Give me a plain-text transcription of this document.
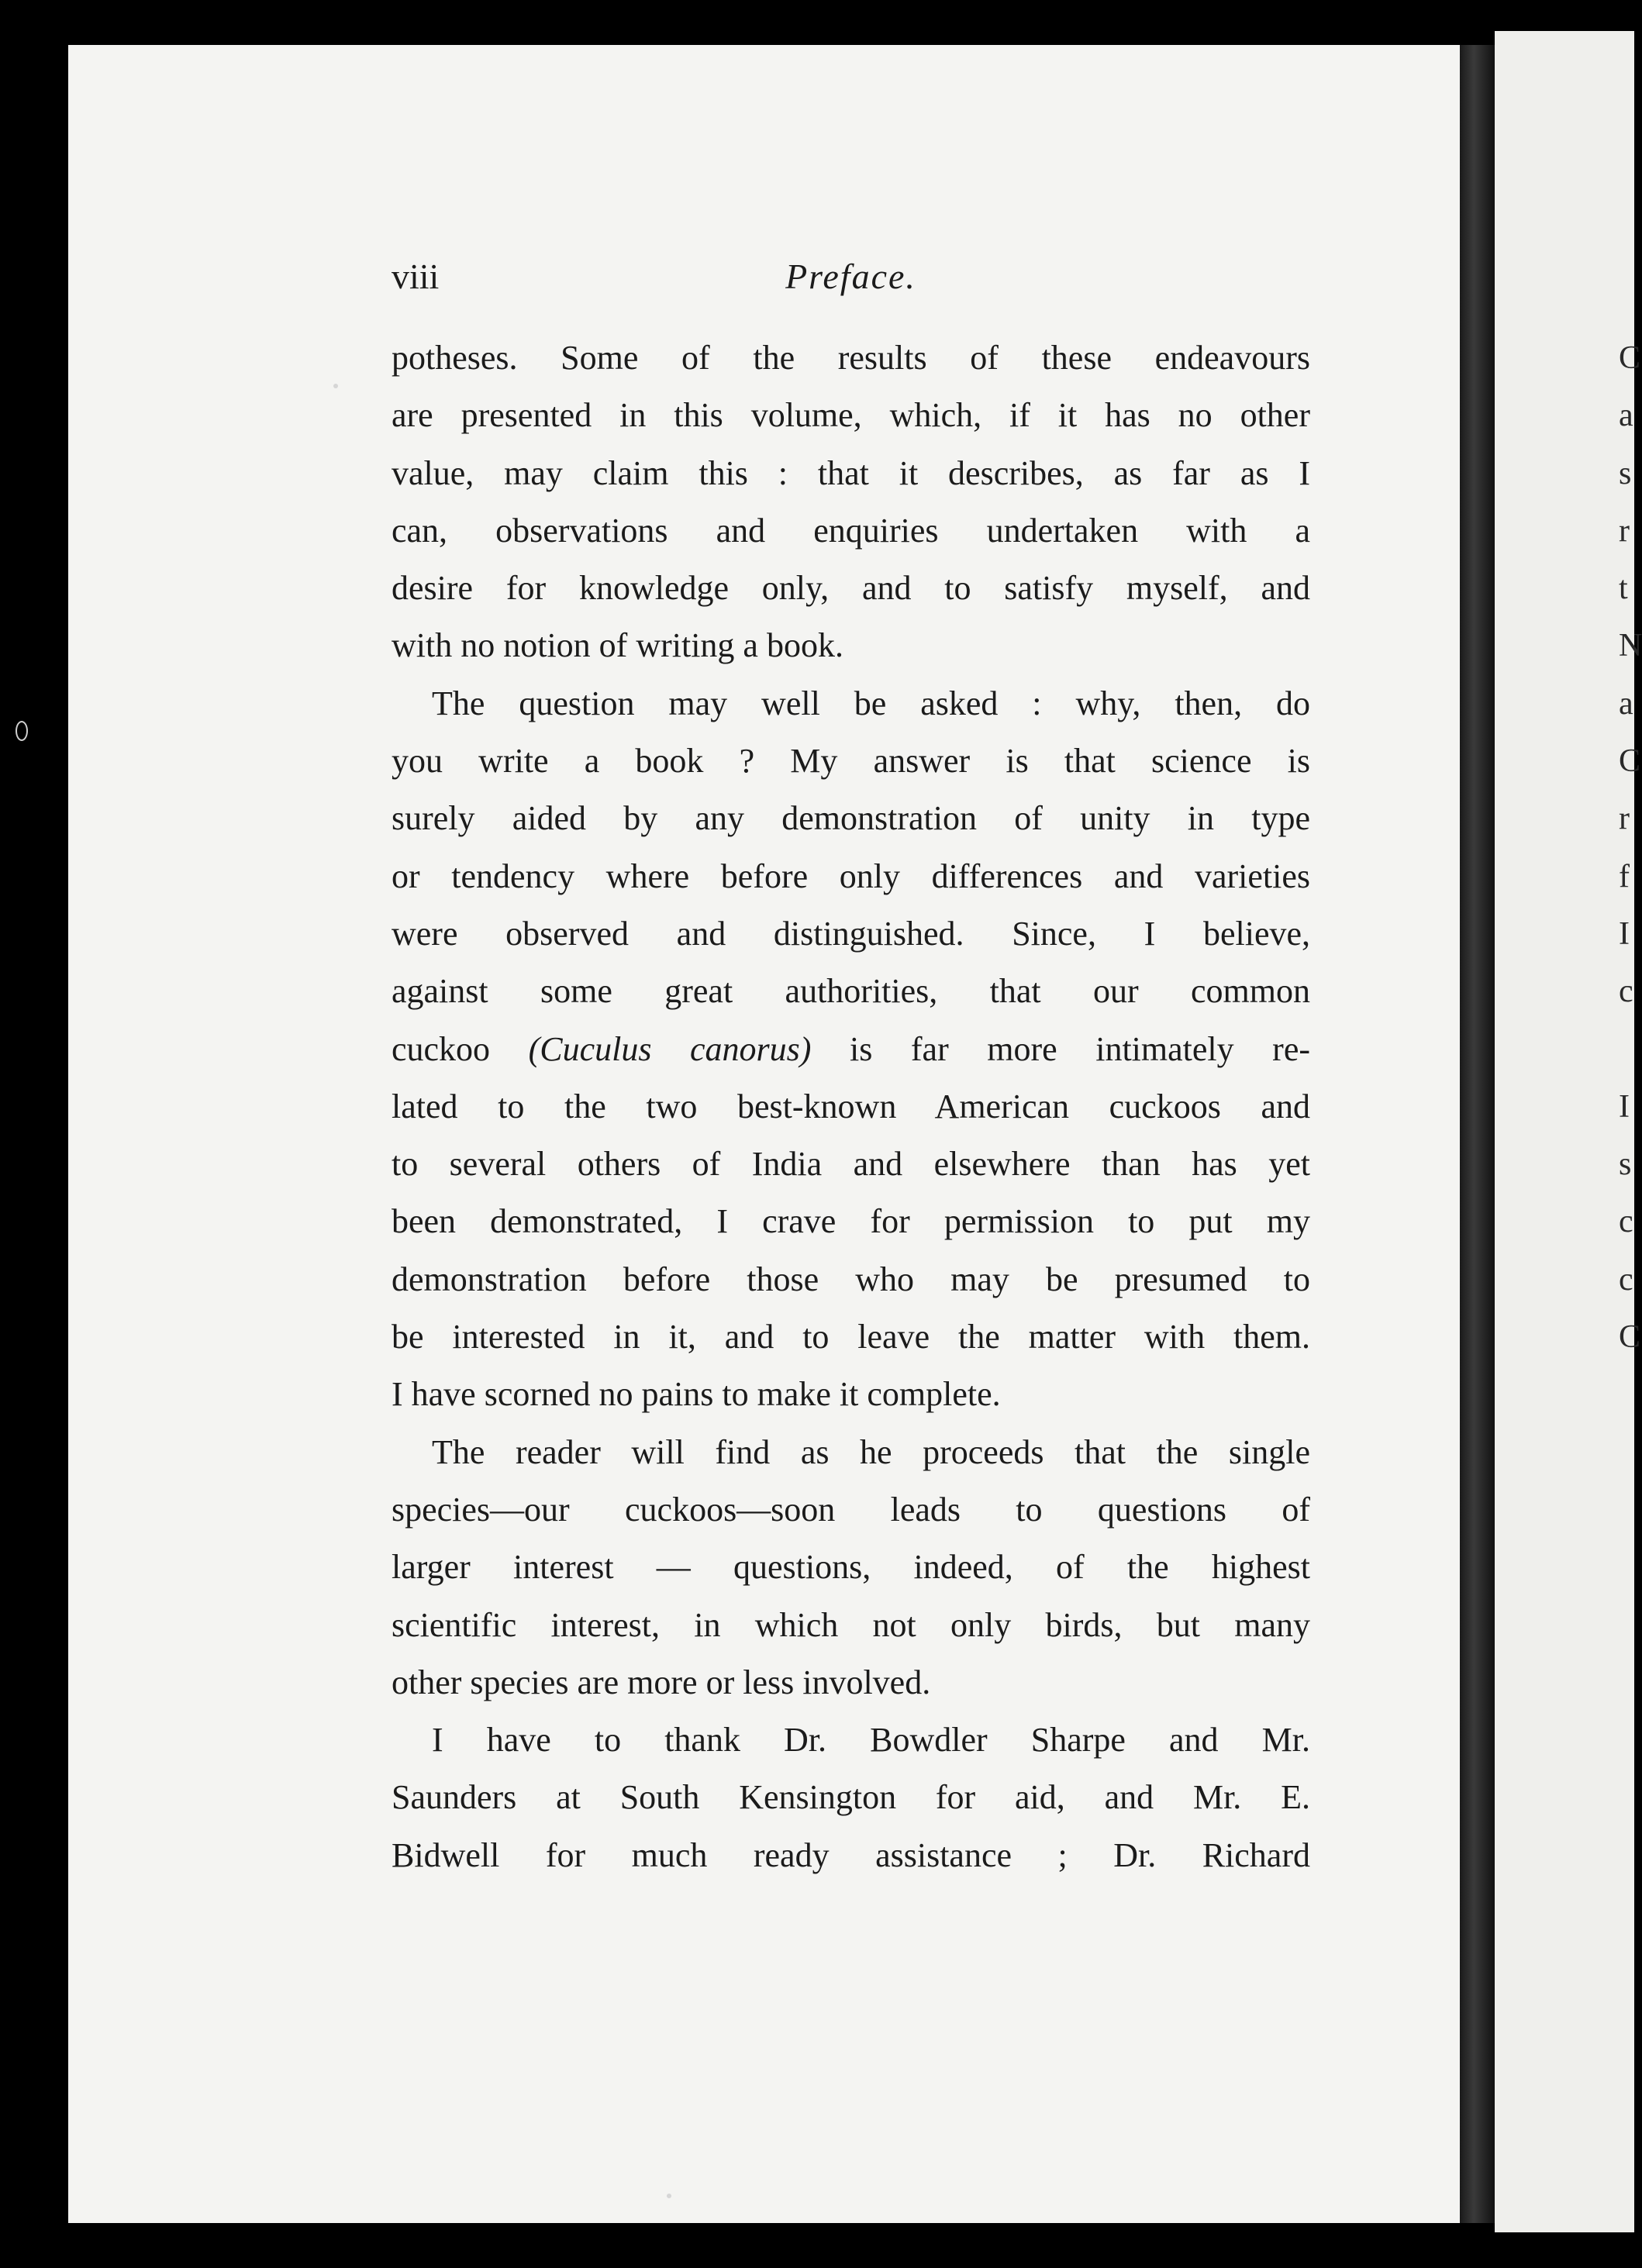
viii	Preface.
potheses. Some of the results of these endeavours
are presented in this volume, which, if it has no other
value, may claim this : that it describes, as far as I
can, observations and enquiries undertaken with a
desire for knowledge only, and to satisfy myself, and
with no notion of writing a book.
The question may well be asked : why, then, do
you write a book ? My answer is that science is
surely aided by any demonstration of unity in type
or tendency where before only differences and varieties
were observed and distinguished. Since, I believe,
against some great authorities, that our common
cuckoo (Cuculus canorus) is far more intimately re-
lated to the two best-known American cuckoos and
to several others of India and elsewhere than has yet
been demonstrated, I crave for permission to put my
demonstration before those who may be presumed to
be interested in it, and to leave the matter with them.
I have scorned no pains to make it complete.
The reader will find as he proceeds that the single
species—our cuckoos—soon leads to questions of
larger interest — questions, indeed, of the highest
scientific interest, in which not only birds, but many
other species are more or less involved.
I have to thank Dr. Bowdler Sharpe and Mr.
Saunders at South Kensington for aid, and Mr. E.
Bidwell for much ready assistance ; Dr. Richard
C
a
s
r
t
N
a
C
r
f
I
c
I
s
c
c
C
